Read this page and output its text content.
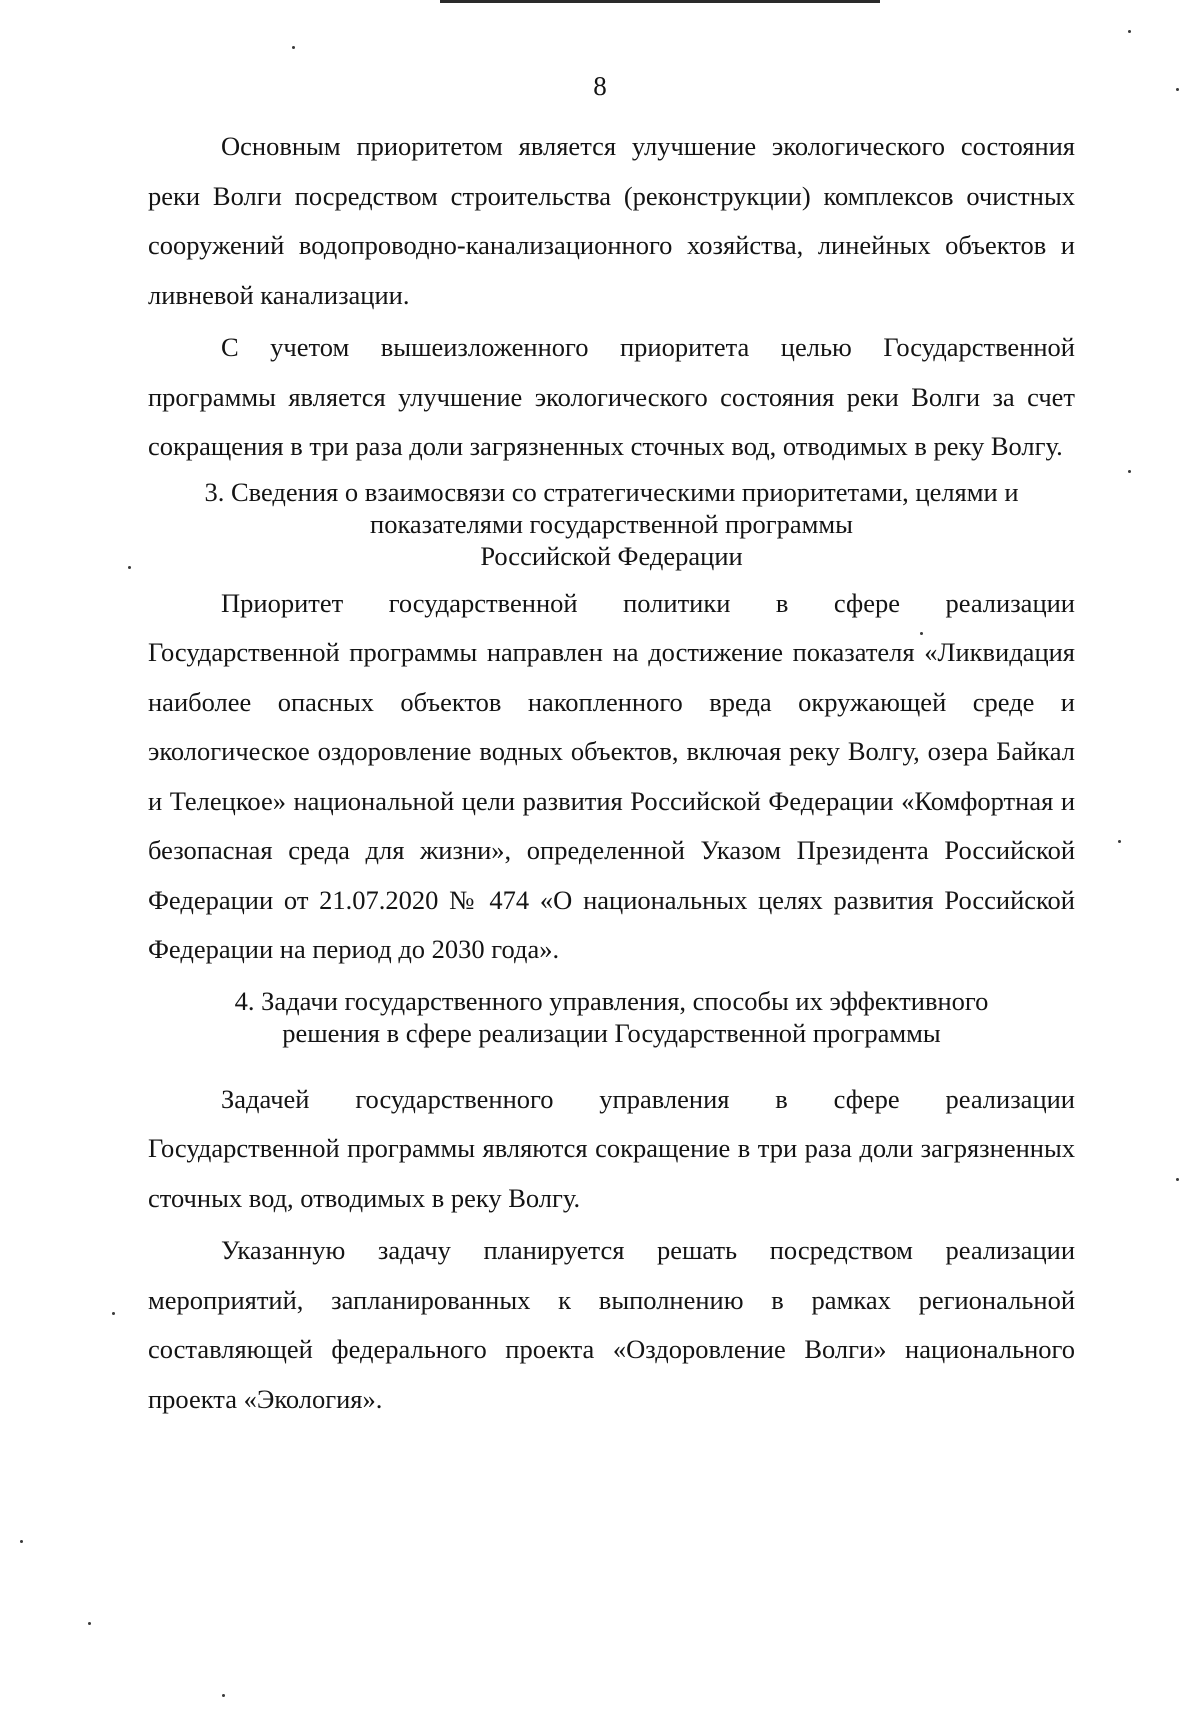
8

Основным приоритетом является улучшение экологического состояния реки Волги посредством строительства (реконструкции) комплексов очистных сооружений водопроводно-канализационного хозяйства, линейных объектов и ливневой канализации.

С учетом вышеизложенного приоритета целью Государственной программы является улучшение экологического состояния реки Волги за счет сокращения в три раза доли загрязненных сточных вод, отводимых в реку Волгу.

3. Сведения о взаимосвязи со стратегическими приоритетами, целями и
показателями государственной программы
Российской Федерации

Приоритет государственной политики в сфере реализации Государственной программы направлен на достижение показателя «Ликвидация наиболее опасных объектов накопленного вреда окружающей среде и экологическое оздоровление водных объектов, включая реку Волгу, озера Байкал и Телецкое» национальной цели развития Российской Федерации «Комфортная и безопасная среда для жизни», определенной Указом Президента Российской Федерации от 21.07.2020 № 474 «О национальных целях развития Российской Федерации на период до 2030 года».

4. Задачи государственного управления, способы их эффективного
решения в сфере реализации Государственной программы

Задачей государственного управления в сфере реализации Государственной программы являются сокращение в три раза доли загрязненных сточных вод, отводимых в реку Волгу.

Указанную задачу планируется решать посредством реализации мероприятий, запланированных к выполнению в рамках региональной составляющей федерального проекта «Оздоровление Волги» национального проекта «Экология».
